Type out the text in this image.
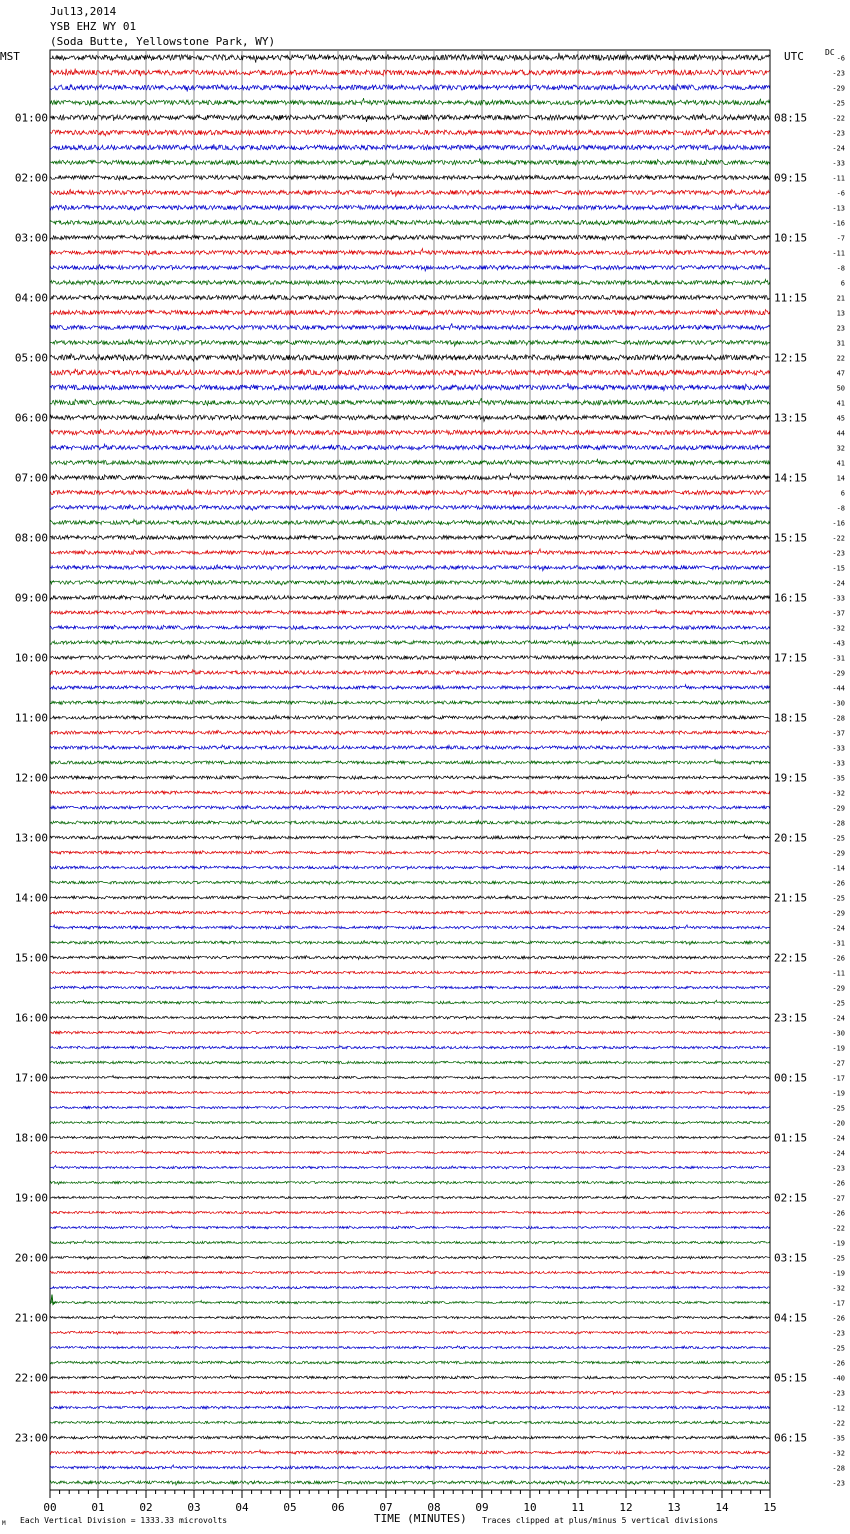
Jul13,2014
YSB EHZ WY 01
(Soda Butte, Yellowstone Park, WY)
MST	UTC	DC
01:00
02:00
03:00
04:00
05:00
06:00
07:00
08:00
09:00
10:00
11:00
12:00
13:00
14:00
15:00
16:00
17:00
18:00
19:00
20:00
21:00
22:00
23:00
08:15
09:15
10:15
11:15
12:15
13:15
14:15
15:15
16:15
17:15
18:15
19:15
20:15
21:15
22:15
23:15
00:15
01:15
02:15
03:15
04:15
05:15
06:15
-6
-23
-29
-25
-22
-23
-24
-33
-11
-6
-13
-16
-7
-11
-8
6
21
13
23
31
22
47
50
41
45
44
32
41
14
6
-8
-16
-22
-23
-15
-24
-33
-37
-32
-43
-31
-29
-44
-30
-28
-37
-33
-33
-35
-32
-29
-28
-25
-29
-14
-26
-25
-29
-24
-31
-26
-11
-29
-25
-24
-30
-19
-27
-17
-19
-25
-20
-24
-24
-23
-26
-27
-26
-22
-19
-25
-19
-32
-17
-26
-23
-25
-26
-40
-23
-12
-22
-35
-32
-28
-23
00	01	02	03	04	05	06	07	08	09	10	11	12	13	14	15
TIME (MINUTES)
Each Vertical Division = 1333.33 microvolts	Traces clipped at plus/minus 5 vertical divisions
M
